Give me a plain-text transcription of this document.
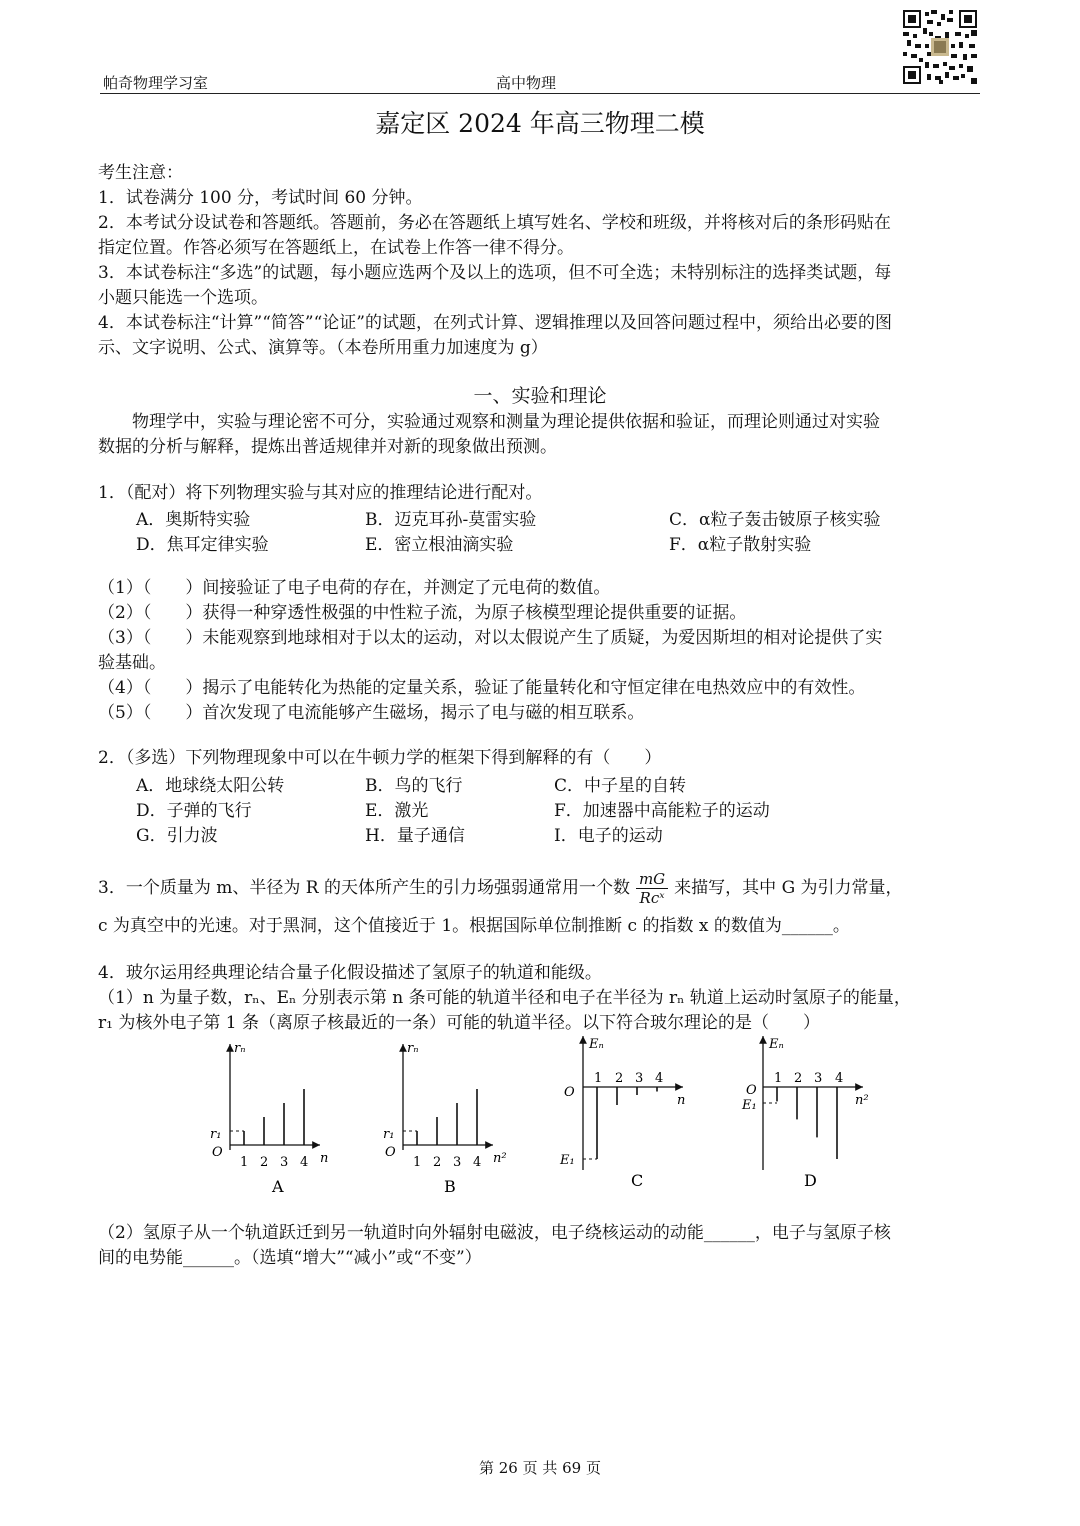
帕奇物理学习室	高中物理
嘉定区 2024 年高三物理二模
考生注意：
1．试卷满分 100 分，考试时间 60 分钟。
2．本考试分设试卷和答题纸。答题前，务必在答题纸上填写姓名、学校和班级，并将核对后的条形码贴在
指定位置。作答必须写在答题纸上，在试卷上作答一律不得分。
3．本试卷标注“多选”的试题，每小题应选两个及以上的选项，但不可全选；未特别标注的选择类试题，每
小题只能选一个选项。
4．本试卷标注“计算”“简答”“论证”的试题，在列式计算、逻辑推理以及回答问题过程中，须给出必要的图
示、文字说明、公式、演算等。（本卷所用重力加速度为 g）
一、实验和理论
物理学中，实验与理论密不可分，实验通过观察和测量为理论提供依据和验证，而理论则通过对实验
数据的分析与解释，提炼出普适规律并对新的现象做出预测。
1．（配对）将下列物理实验与其对应的推理结论进行配对。
A．奥斯特实验	B．迈克耳孙-莫雷实验	C．α粒子轰击铍原子核实验
D．焦耳定律实验	E．密立根油滴实验	F．α粒子散射实验
（1）（　　）间接验证了电子电荷的存在，并测定了元电荷的数值。
（2）（　　）获得一种穿透性极强的中性粒子流，为原子核模型理论提供重要的证据。
（3）（　　）未能观察到地球相对于以太的运动，对以太假说产生了质疑，为爱因斯坦的相对论提供了实
验基础。
（4）（　　）揭示了电能转化为热能的定量关系，验证了能量转化和守恒定律在电热效应中的有效性。
（5）（　　）首次发现了电流能够产生磁场，揭示了电与磁的相互联系。
2．（多选）下列物理现象中可以在牛顿力学的框架下得到解释的有（　　）
A．地球绕太阳公转	B．鸟的飞行	C．中子星的自转
D．子弹的飞行	E．激光	F．加速器中高能粒子的运动
G．引力波	H．量子通信	I．电子的运动
3．一个质量为 m、半径为 R 的天体所产生的引力场强弱通常用一个数 $\frac{mG}{\text{Rcˣ}}$ 来描写，其中 G 为引力常量，
c 为真空中的光速。对于黑洞，这个值接近于 1。根据国际单位制推断 c 的指数 x 的数值为______。
4．玻尔运用经典理论结合量子化假设描述了氢原子的轨道和能级。
（1）n 为量子数，rₙ、Eₙ 分别表示第 n 条可能的轨道半径和电子在半径为 rₙ 轨道上运动时氢原子的能量，
r₁ 为核外电子第 1 条（离原子核最近的一条）可能的轨道半径。以下符合玻尔理论的是（　　）
rₙ
n
O
r₁
1 2 3 4
A
rₙ
n²
O
r₁
1 2 3 4
B
Eₙ
n
O
E₁
1 2 3 4
C
Eₙ
n²
O
E₁
1 2 3 4
D
（2）氢原子从一个轨道跃迁到另一轨道时向外辐射电磁波，电子绕核运动的动能______，电子与氢原子核
间的电势能______。（选填“增大”“减小”或“不变”）
第 26 页 共 69 页
